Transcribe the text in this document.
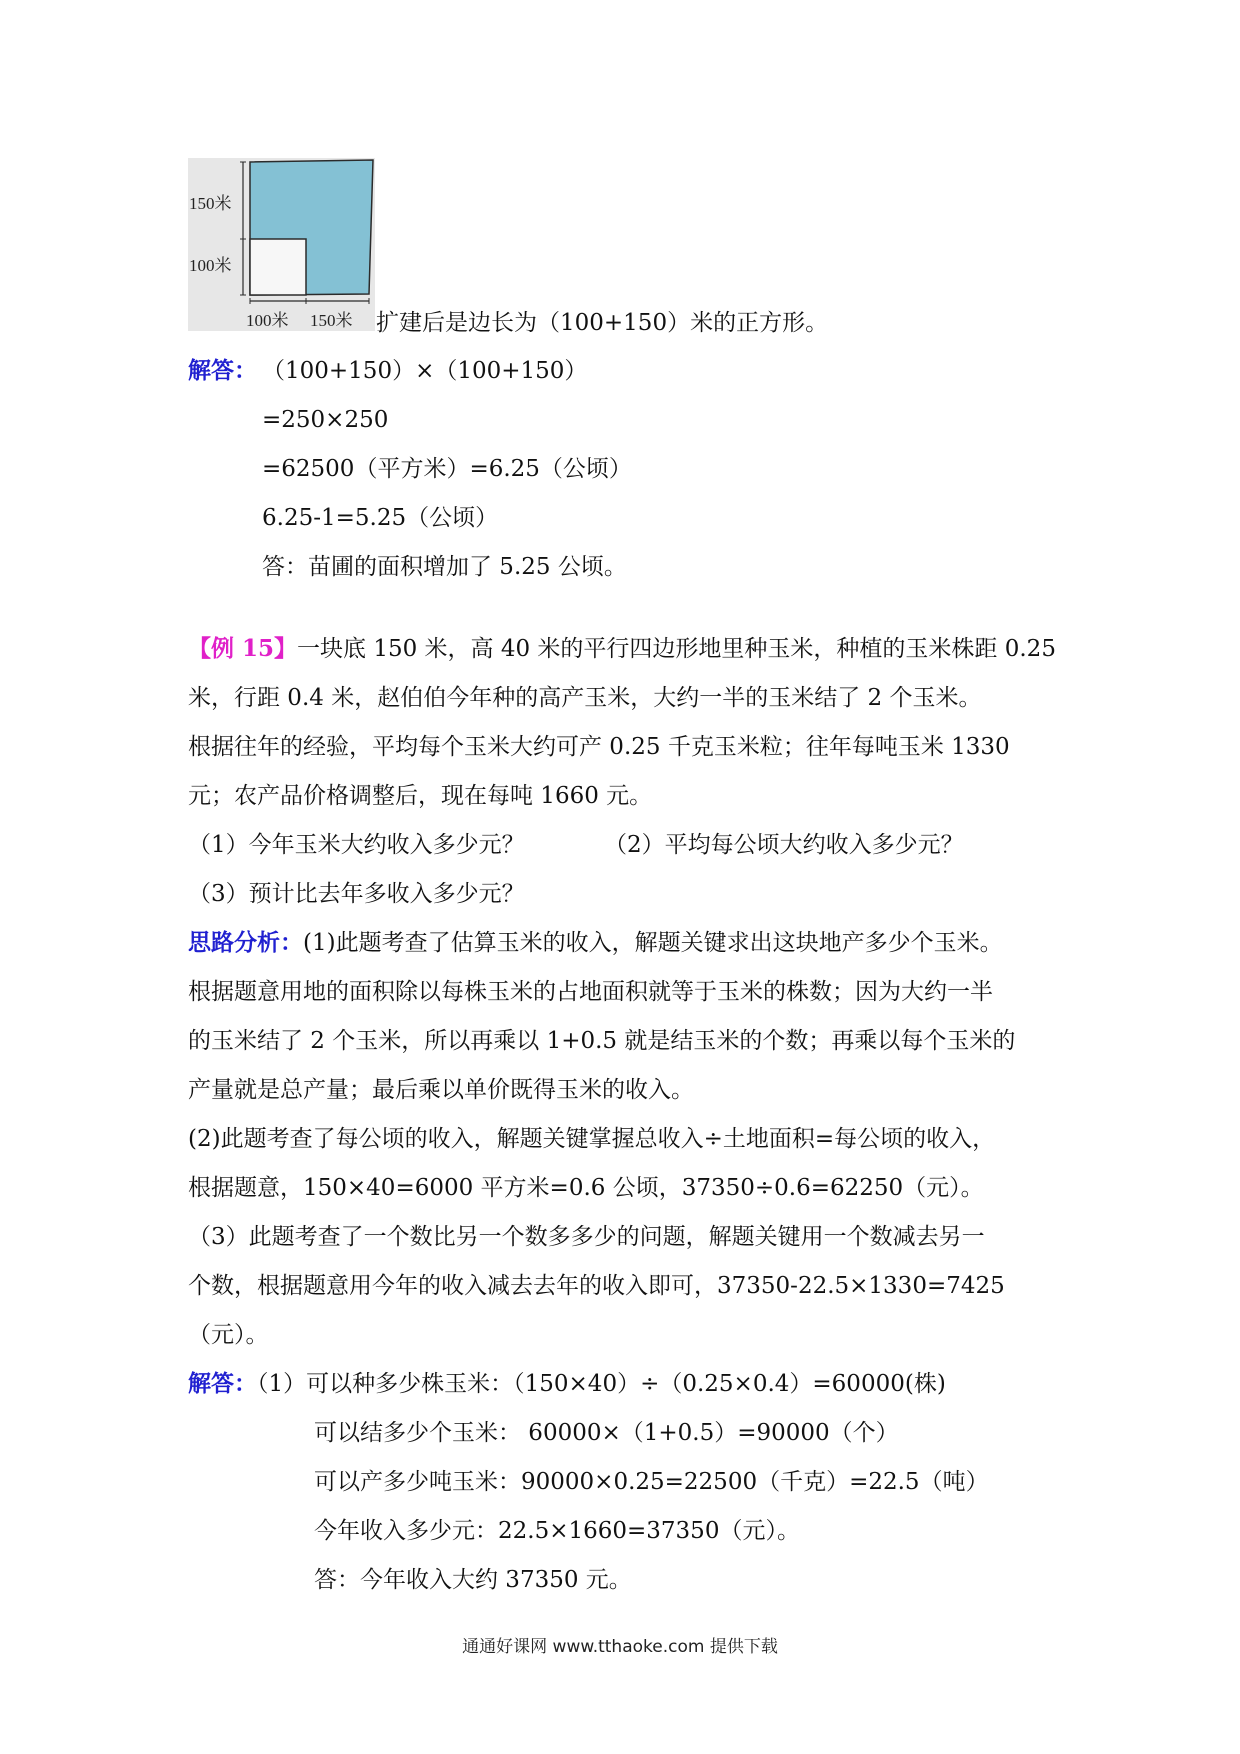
150米
100米
100米 150米 扩建后是边长为（100+150）米的正方形。
解答： （100+150）×（100+150）
=250×250
=62500（平方米）=6.25（公顷）
6.25-1=5.25（公顷）
答：苗圃的面积增加了 5.25 公顷。
【例 15】一块底 150 米，高 40 米的平行四边形地里种玉米，种植的玉米株距 0.25
米，行距 0.4 米，赵伯伯今年种的高产玉米，大约一半的玉米结了 2 个玉米。
根据往年的经验，平均每个玉米大约可产 0.25 千克玉米粒；往年每吨玉米 1330
元；农产品价格调整后，现在每吨 1660 元。
（1）今年玉米大约收入多少元？	（2）平均每公顷大约收入多少元？
（3）预计比去年多收入多少元？
思路分析：(1)此题考查了估算玉米的收入，解题关键求出这块地产多少个玉米。
根据题意用地的面积除以每株玉米的占地面积就等于玉米的株数；因为大约一半
的玉米结了 2 个玉米，所以再乘以 1+0.5 就是结玉米的个数；再乘以每个玉米的
产量就是总产量；最后乘以单价既得玉米的收入。
(2)此题考查了每公顷的收入，解题关键掌握总收入÷土地面积=每公顷的收入，
根据题意，150×40=6000 平方米=0.6 公顷，37350÷0.6=62250（元）。
（3）此题考查了一个数比另一个数多多少的问题，解题关键用一个数减去另一
个数，根据题意用今年的收入减去去年的收入即可，37350-22.5×1330=7425
（元）。
解答：（1）可以种多少株玉米：（150×40）÷（0.25×0.4）=60000(株)
可以结多少个玉米： 60000×（1+0.5）=90000（个）
可以产多少吨玉米：90000×0.25=22500（千克）=22.5（吨）
今年收入多少元：22.5×1660=37350（元）。
答：今年收入大约 37350 元。
通通好课网 www.tthaoke.com 提供下载
